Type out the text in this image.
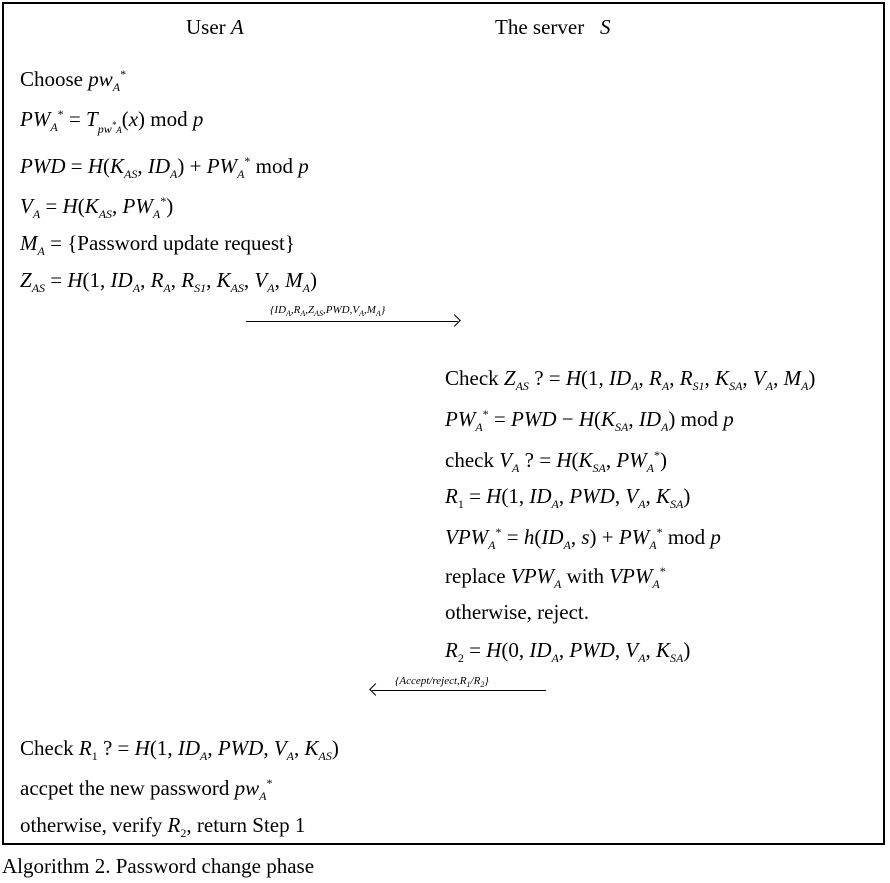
User A	The server S
Choose $pw_A^*$
$PW_A^* = Tpw^*A(x)$ mod p
PWD = $H(K_{AS}$, $ID_A) + PW_A^*$ mod p
$V_A = H(K_{AS}$, $PW_A^*$)
$M_A$ = {Password update request}
$Z_{AS} = H(1$, $ID_A$, $R_A$, $R_{S1}$, $K_{AS}$, $V_A$, $M_A$)
$\{ID_A,R_A,Z_{AS},PWD,V_A,M_A\}$
Check $Z_{AS}$ ? = H(1, $ID_A$, $R_A$, $R_{S1}$, $K_{SA}$, $V_A$, $M_A$)
$PW_A^*$ = PWD − $H(K_{SA}$, $ID_A$) mod p
check $V_A$ ? = $H(K_{SA}$, $PW_A^*$)
$R_1 = H(1$, $ID_A$, PWD, $V_A$, $K_{SA}$)
$VPW_A^* = h(ID_A$, $s) + PW_A^*$ mod p
replace $VPW_A$ with $VPW_A^*$
otherwise, reject.
$R_2 = H(0$, $ID_A$, PWD, $V_A$, $K_{SA}$)
$\{Accept/reject,R_1/R_2\}$
Check $R_1$ ? = H(1, $ID_A$, PWD, $V_A$, $K_{AS}$)
accpet the new password $pw_A^*$
otherwise, verify $R_2$, return Step 1
Algorithm 2. Password change phase
